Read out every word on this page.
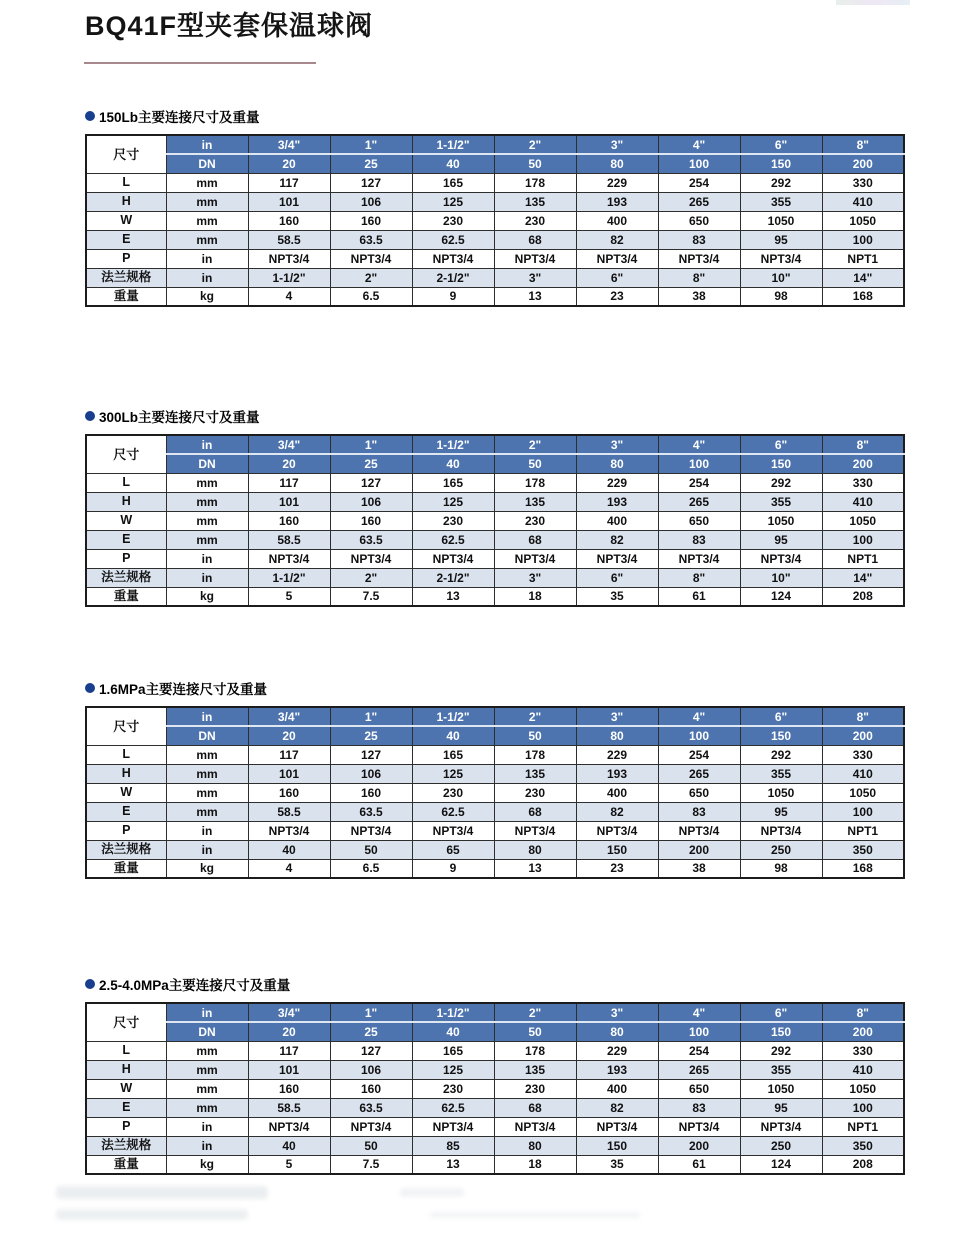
BQ41F型夹套保温球阀
150Lb主要连接尺寸及重量
尺寸	in	3/4"	1"	1-1/2"	2"	3"	4"	6"	8"
	DN	20	25	40	50	80	100	150	200
L	mm	117	127	165	178	229	254	292	330
H	mm	101	106	125	135	193	265	355	410
W	mm	160	160	230	230	400	650	1050	1050
E	mm	58.5	63.5	62.5	68	82	83	95	100
P	in	NPT3/4	NPT3/4	NPT3/4	NPT3/4	NPT3/4	NPT3/4	NPT3/4	NPT1
法兰规格	in	1-1/2"	2"	2-1/2"	3"	6"	8"	10"	14"
重量	kg	4	6.5	9	13	23	38	98	168
300Lb主要连接尺寸及重量
尺寸	in	3/4"	1"	1-1/2"	2"	3"	4"	6"	8"
	DN	20	25	40	50	80	100	150	200
L	mm	117	127	165	178	229	254	292	330
H	mm	101	106	125	135	193	265	355	410
W	mm	160	160	230	230	400	650	1050	1050
E	mm	58.5	63.5	62.5	68	82	83	95	100
P	in	NPT3/4	NPT3/4	NPT3/4	NPT3/4	NPT3/4	NPT3/4	NPT3/4	NPT1
法兰规格	in	1-1/2"	2"	2-1/2"	3"	6"	8"	10"	14"
重量	kg	5	7.5	13	18	35	61	124	208
1.6MPa主要连接尺寸及重量
尺寸	in	3/4"	1"	1-1/2"	2"	3"	4"	6"	8"
	DN	20	25	40	50	80	100	150	200
L	mm	117	127	165	178	229	254	292	330
H	mm	101	106	125	135	193	265	355	410
W	mm	160	160	230	230	400	650	1050	1050
E	mm	58.5	63.5	62.5	68	82	83	95	100
P	in	NPT3/4	NPT3/4	NPT3/4	NPT3/4	NPT3/4	NPT3/4	NPT3/4	NPT1
法兰规格	in	40	50	65	80	150	200	250	350
重量	kg	4	6.5	9	13	23	38	98	168
2.5-4.0MPa主要连接尺寸及重量
尺寸	in	3/4"	1"	1-1/2"	2"	3"	4"	6"	8"
	DN	20	25	40	50	80	100	150	200
L	mm	117	127	165	178	229	254	292	330
H	mm	101	106	125	135	193	265	355	410
W	mm	160	160	230	230	400	650	1050	1050
E	mm	58.5	63.5	62.5	68	82	83	95	100
P	in	NPT3/4	NPT3/4	NPT3/4	NPT3/4	NPT3/4	NPT3/4	NPT3/4	NPT1
法兰规格	in	40	50	85	80	150	200	250	350
重量	kg	5	7.5	13	18	35	61	124	208
